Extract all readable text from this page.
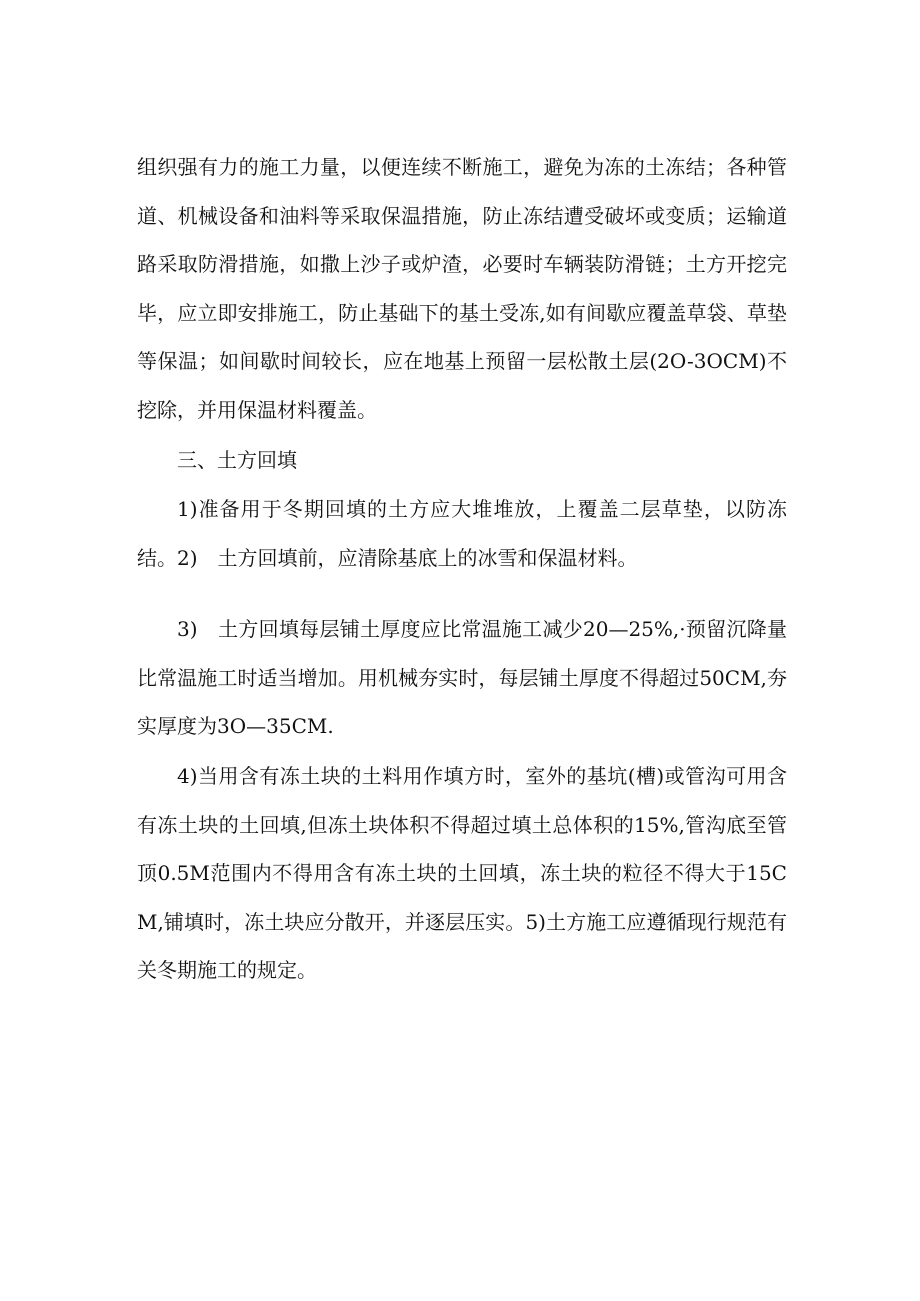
组织强有力的施工力量，以便连续不断施工，避免为冻的土冻结；各种管道、机械设备和油料等采取保温措施，防止冻结遭受破坏或变质；运输道路采取防滑措施，如撒上沙子或炉渣，必要时车辆装防滑链；土方开挖完毕，应立即安排施工，防止基础下的基土受冻,如有间歇应覆盖草袋、草垫等保温；如间歇时间较长，应在地基上预留一层松散土层(2O-3OCM)不挖除，并用保温材料覆盖。

三、土方回填

1)准备用于冬期回填的土方应大堆堆放，上覆盖二层草垫，以防冻结。 2)　土方回填前，应清除基底上的冰雪和保温材料。

3)　土方回填每层铺土厚度应比常温施工减少20—25%,·预留沉降量比常温施工时适当增加。用机械夯实时，每层铺土厚度不得超过50CM,夯实厚度为3O—35CM.

4)当用含有冻土块的土料用作填方时，室外的基坑(槽)或管沟可用含有冻土块的土回填,但冻土块体积不得超过填土总体积的15%,管沟底至管顶0.5M范围内不得用含有冻土块的土回填，冻土块的粒径不得大于15CM,铺填时，冻土块应分散开，并逐层压实。5)土方施工应遵循现行规范有关冬期施工的规定。
